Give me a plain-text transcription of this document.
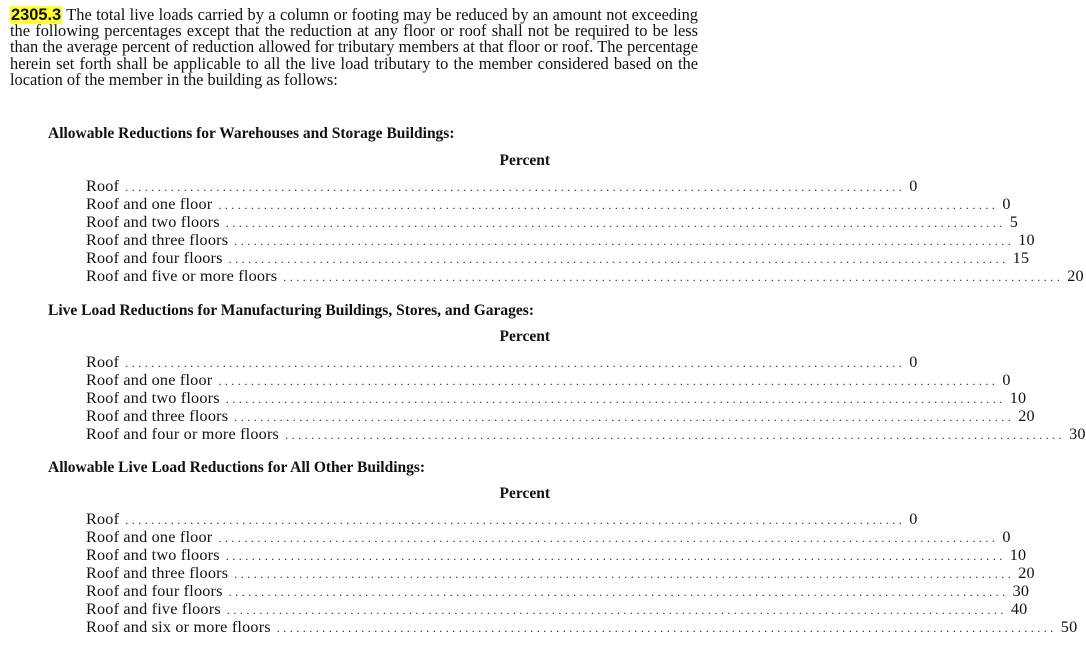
2305.3 The total live loads carried by a column or footing may be reduced by an amount not exceeding the following percentages except that the reduction at any floor or roof shall not be required to be less than the average percent of reduction allowed for tributary members at that floor or roof. The percentage herein set forth shall be applicable to all the live load tributary to the member considered based on the location of the member in the building as follows:
Allowable Reductions for Warehouses and Storage Buildings:
Percent
Roof ........................................................................................................................ 0
Roof and one floor ........................................................................................................................ 0
Roof and two floors ........................................................................................................................ 5
Roof and three floors ........................................................................................................................ 10
Roof and four floors ........................................................................................................................ 15
Roof and five or more floors ........................................................................................................................ 20
Live Load Reductions for Manufacturing Buildings, Stores, and Garages:
Percent
Roof ........................................................................................................................ 0
Roof and one floor ........................................................................................................................ 0
Roof and two floors ........................................................................................................................ 10
Roof and three floors ........................................................................................................................ 20
Roof and four or more floors ........................................................................................................................ 30
Allowable Live Load Reductions for All Other Buildings:
Percent
Roof ........................................................................................................................ 0
Roof and one floor ........................................................................................................................ 0
Roof and two floors ........................................................................................................................ 10
Roof and three floors ........................................................................................................................ 20
Roof and four floors ........................................................................................................................ 30
Roof and five floors ........................................................................................................................ 40
Roof and six or more floors ........................................................................................................................ 50
